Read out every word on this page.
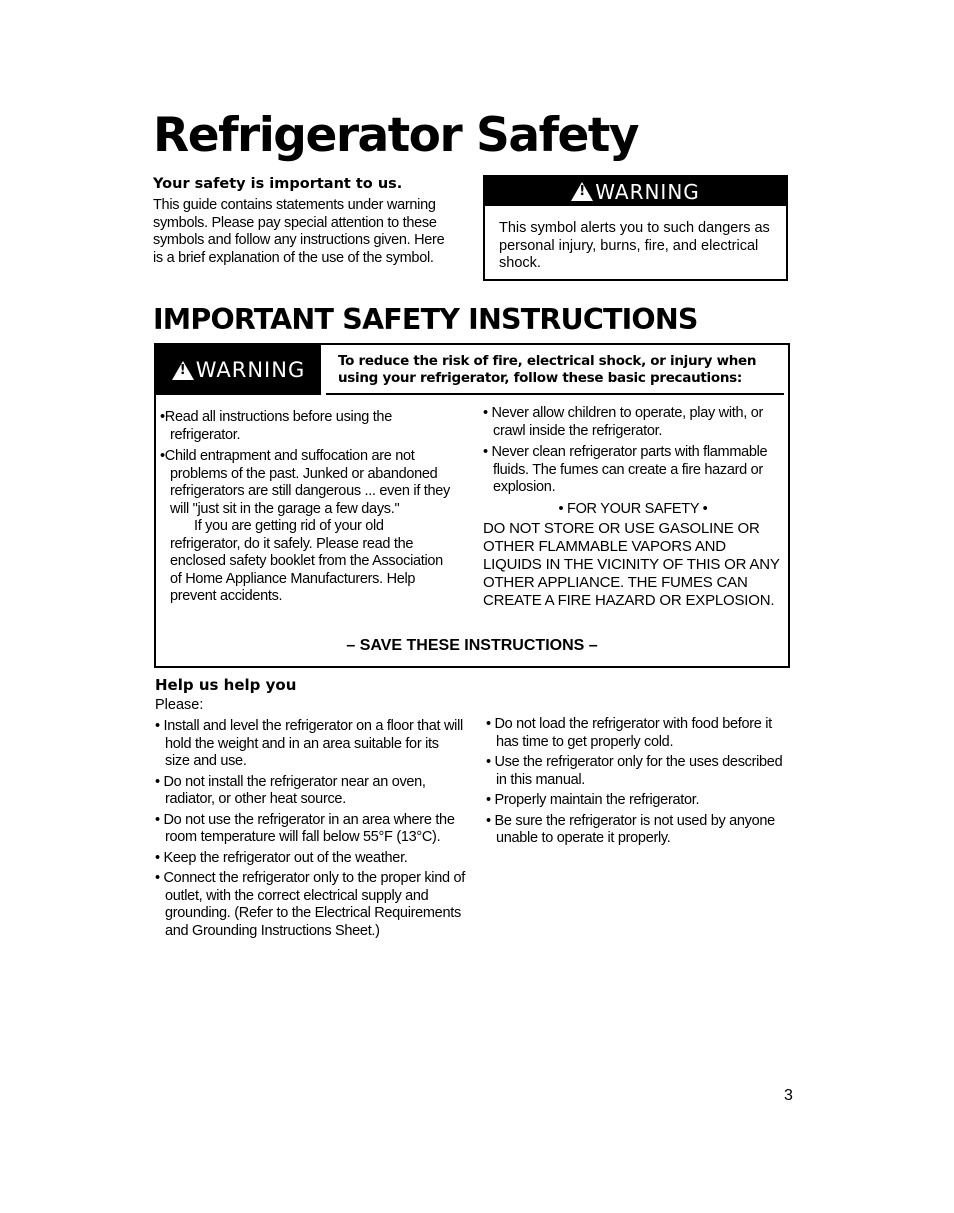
Refrigerator Safety
Your safety is important to us.

This guide contains statements under warning symbols. Please pay special attention to these symbols and follow any instructions given. Here is a brief explanation of the use of the symbol.

!
WARNING

This symbol alerts you to such dangers as personal injury, burns, fire, and electrical shock.

IMPORTANT SAFETY INSTRUCTIONS
!
WARNING To reduce the risk of fire, electrical shock, or injury when using your refrigerator, follow these basic precautions:

•Read all instructions before using the refrigerator.

•Child entrapment and suffocation are not problems of the past. Junked or abandoned refrigerators are still dangerous ... even if they will "just sit in the garage a few days."

If you are getting rid of your old refrigerator, do it safely. Please read the enclosed safety booklet from the Association of Home Appliance Manufacturers. Help prevent accidents.

• Never allow children to operate, play with, or crawl inside the refrigerator.

• Never clean refrigerator parts with flammable fluids. The fumes can create a fire hazard or explosion.

• FOR YOUR SAFETY •

DO NOT STORE OR USE GASOLINE OR OTHER FLAMMABLE VAPORS AND LIQUIDS IN THE VICINITY OF THIS OR ANY OTHER APPLIANCE. THE FUMES CAN CREATE A FIRE HAZARD OR EXPLOSION.

– SAVE THESE INSTRUCTIONS –

Help us help you

Please:

• Install and level the refrigerator on a floor that will hold the weight and in an area suitable for its size and use.

• Do not install the refrigerator near an oven, radiator, or other heat source.

• Do not use the refrigerator in an area where the room temperature will fall below 55°F (13°C).

• Keep the refrigerator out of the weather.

• Connect the refrigerator only to the proper kind of outlet, with the correct electrical supply and grounding. (Refer to the Electrical Requirements and Grounding Instructions Sheet.)

• Do not load the refrigerator with food before it has time to get properly cold.

• Use the refrigerator only for the uses described in this manual.

• Properly maintain the refrigerator.

• Be sure the refrigerator is not used by anyone unable to operate it properly.

3
